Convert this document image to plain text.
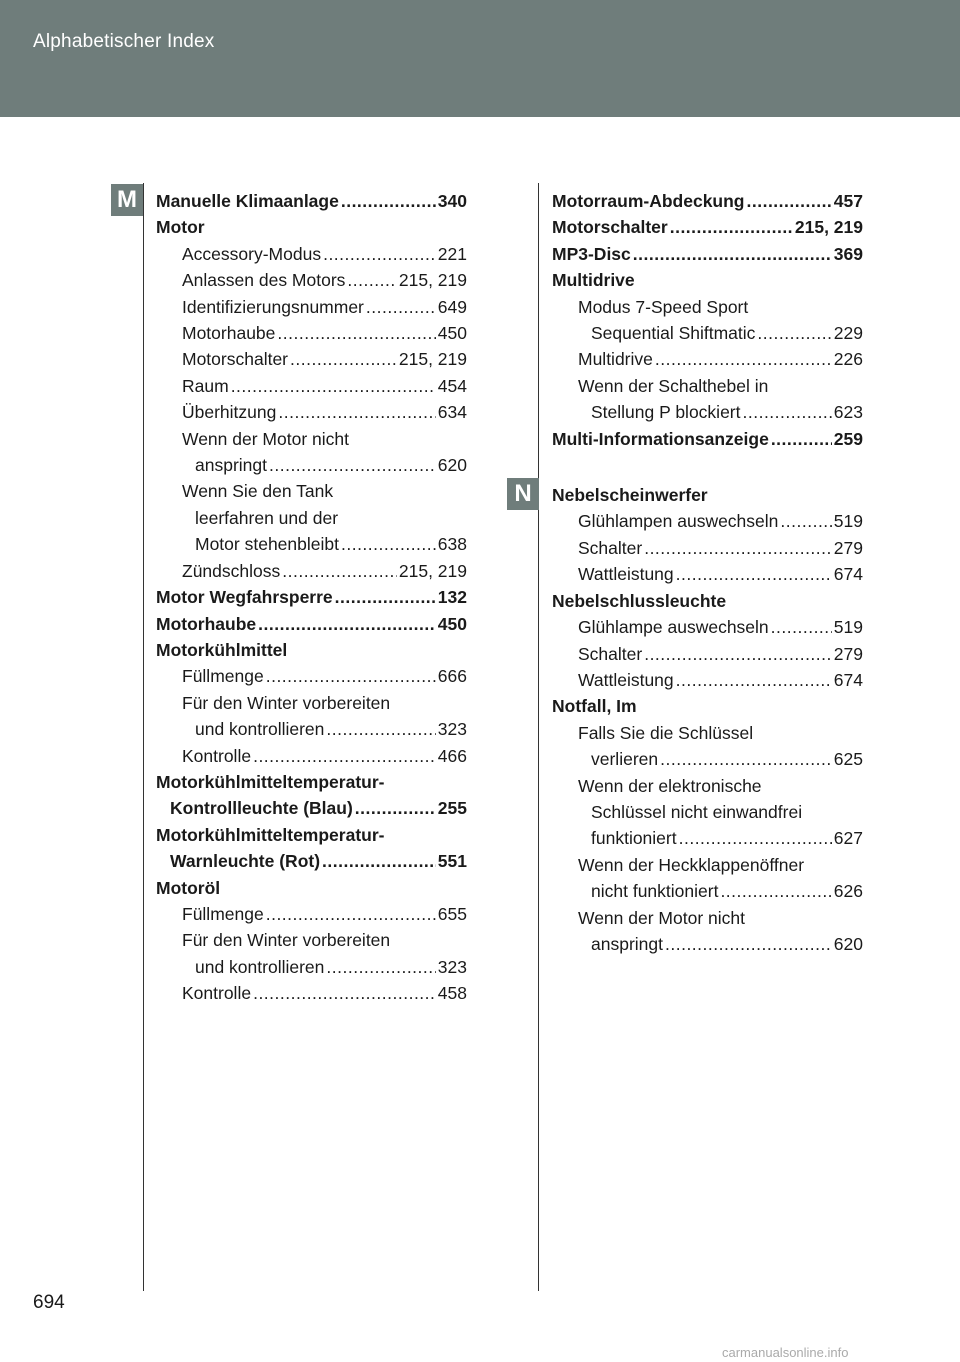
Alphabetischer Index
M
N
Manuelle Klimaanlage .....	340
Motor
Accessory-Modus .....	221
Anlassen des Motors .....	215, 219
Identifizierungsnummer .....	649
Motorhaube .....	450
Motorschalter .....	215, 219
Raum .....	454
Überhitzung .....	634
Wenn der Motor nicht
anspringt .....	620
Wenn Sie den Tank
leerfahren und der
Motor stehenbleibt .....	638
Zündschloss .....	215, 219
Motor Wegfahrsperre .....	132
Motorhaube .....	450
Motorkühlmittel
Füllmenge .....	666
Für den Winter vorbereiten
und kontrollieren .....	323
Kontrolle .....	466
Motorkühlmitteltemperatur-
Kontrollleuchte (Blau) .....	255
Motorkühlmitteltemperatur-
Warnleuchte (Rot) .....	551
Motoröl
Füllmenge .....	655
Für den Winter vorbereiten
und kontrollieren .....	323
Kontrolle .....	458
Motorraum-Abdeckung .....	457
Motorschalter .....	215, 219
MP3-Disc .....	369
Multidrive
Modus 7-Speed Sport
Sequential Shiftmatic .....	229
Multidrive .....	226
Wenn der Schalthebel in
Stellung P blockiert .....	623
Multi-Informationsanzeige .....	259
Nebelscheinwerfer
Glühlampen auswechseln .....	519
Schalter .....	279
Wattleistung .....	674
Nebelschlussleuchte
Glühlampe auswechseln .....	519
Schalter .....	279
Wattleistung .....	674
Notfall, Im
Falls Sie die Schlüssel
verlieren .....	625
Wenn der elektronische
Schlüssel nicht einwandfrei
funktioniert .....	627
Wenn der Heckklappenöffner
nicht funktioniert .....	626
Wenn der Motor nicht
anspringt .....	620
694
carmanualsonline.info
